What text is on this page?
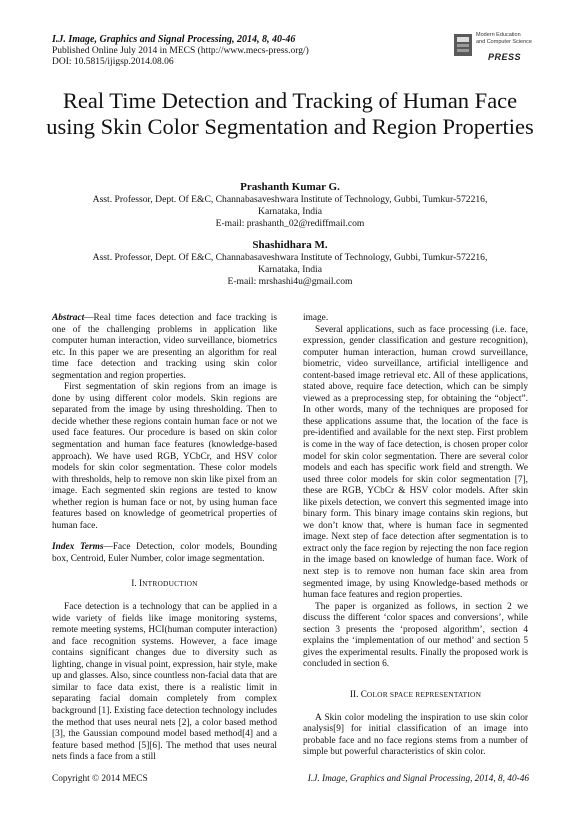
I.J. Image, Graphics and Signal Processing, 2014, 8, 40-46
Published Online July 2014 in MECS (http://www.mecs-press.org/)
DOI: 10.5815/ijigsp.2014.08.06
Modern Education
and Computer Science
PRESS
Real Time Detection and Tracking of Human Face using Skin Color Segmentation and Region Properties
Prashanth Kumar G.
Asst. Professor, Dept. Of E&C, Channabasaveshwara Institute of Technology, Gubbi, Tumkur-572216,
Karnataka, India
E-mail: prashanth_02@rediffmail.com
Shashidhara M.
Asst. Professor, Dept. Of E&C, Channabasaveshwara Institute of Technology, Gubbi, Tumkur-572216,
Karnataka, India
E-mail: mrshashi4u@gmail.com

Abstract—Real time faces detection and face tracking is one of the challenging problems in application like computer human interaction, video surveillance, biometrics etc. In this paper we are presenting an algorithm for real time face detection and tracking using skin color segmentation and region properties.

First segmentation of skin regions from an image is done by using different color models. Skin regions are separated from the image by using thresholding. Then to decide whether these regions contain human face or not we used face features. Our procedure is based on skin color segmentation and human face features (knowledge-based approach). We have used RGB, YCbCr, and HSV color models for skin color segmentation. These color models with thresholds, help to remove non skin like pixel from an image. Each segmented skin regions are tested to know whether region is human face or not, by using human face features based on knowledge of geometrical properties of human face.

Index Terms—Face Detection, color models, Bounding box, Centroid, Euler Number, color image segmentation.

I. INTRODUCTION

Face detection is a technology that can be applied in a wide variety of fields like image monitoring systems, remote meeting systems, HCI(human computer interaction) and face recognition systems. However, a face image contains significant changes due to diversity such as lighting, change in visual point, expression, hair style, make up and glasses. Also, since countless non-facial data that are similar to face data exist, there is a realistic limit in separating facial domain completely from complex background [1]. Existing face detection technology includes the method that uses neural nets [2], a color based method [3], the Gaussian compound model based method[4] and a feature based method [5][6]. The method that uses neural nets finds a face from a still

image.

Several applications, such as face processing (i.e. face, expression, gender classification and gesture recognition), computer human interaction, human crowd surveillance, biometric, video surveillance, artificial intelligence and content-based image retrieval etc. All of these applications, stated above, require face detection, which can be simply viewed as a preprocessing step, for obtaining the “object”. In other words, many of the techniques are proposed for these applications assume that, the location of the face is pre-identified and available for the next step. First problem is come in the way of face detection, is chosen proper color model for skin color segmentation. There are several color models and each has specific work field and strength. We used three color models for skin color segmentation [7], these are RGB, YCbCr & HSV color models. After skin like pixels detection, we convert this segmented image into binary form. This binary image contains skin regions, but we don’t know that, where is human face in segmented image. Next step of face detection after segmentation is to extract only the face region by rejecting the non face region in the image based on knowledge of human face. Work of next step is to remove non human face skin area from segmented image, by using Knowledge-based methods or human face features and region properties.

The paper is organized as follows, in section 2 we discuss the different ‘color spaces and conversions’, while section 3 presents the ‘proposed algorithm’, section 4 explains the ‘implementation of our method’ and section 5 gives the experimental results. Finally the proposed work is concluded in section 6.

II. COLOR SPACE REPRESENTATION

A Skin color modeling the inspiration to use skin color analysis[9] for initial classification of an image into probable face and no face regions stems from a number of simple but powerful characteristics of skin color.

Copyright © 2014 MECS	I.J. Image, Graphics and Signal Processing, 2014, 8, 40-46
